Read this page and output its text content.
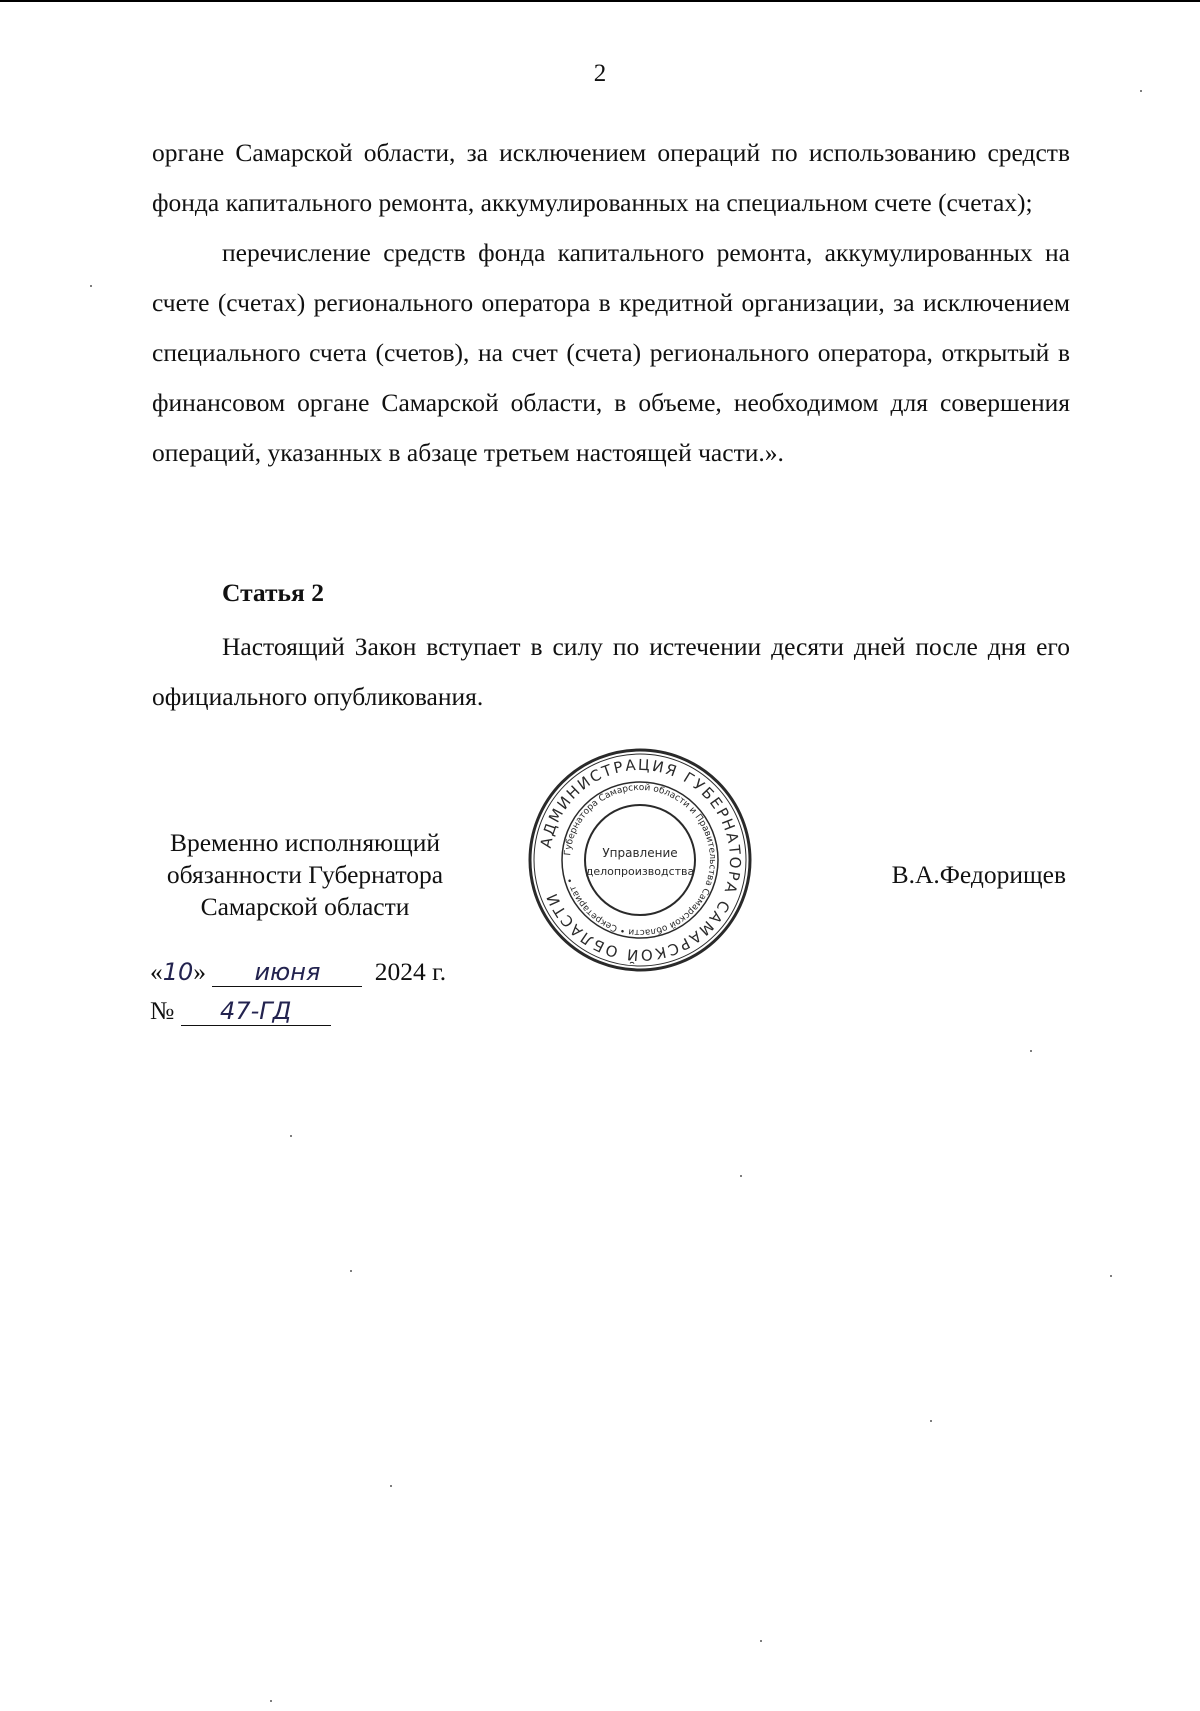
2

органе Самарской области, за исключением операций по использованию средств фонда капитального ремонта, аккумулированных на специальном счете (счетах);

перечисление средств фонда капитального ремонта, аккумулированных на счете (счетах) регионального оператора в кредитной организации, за исключением специального счета (счетов), на счет (счета) регионального оператора, открытый в финансовом органе Самарской области, в объеме, необходимом для совершения операций, указанных в абзаце третьем настоящей части.».

Статья 2

Настоящий Закон вступает в силу по истечении десяти дней после дня его официального опубликования.

Временно исполняющий
обязанности Губернатора
Самарской области
В.А.Федорищев
«10» июня 2024 г.
№ 47-ГД
АДМИНИСТРАЦИЯ ГУБЕРНАТОРА САМАРСКОЙ ОБЛАСТИ
Губернатора Самарской области и Правительства Самарской области • Секретариат •
Управление
делопроизводства
